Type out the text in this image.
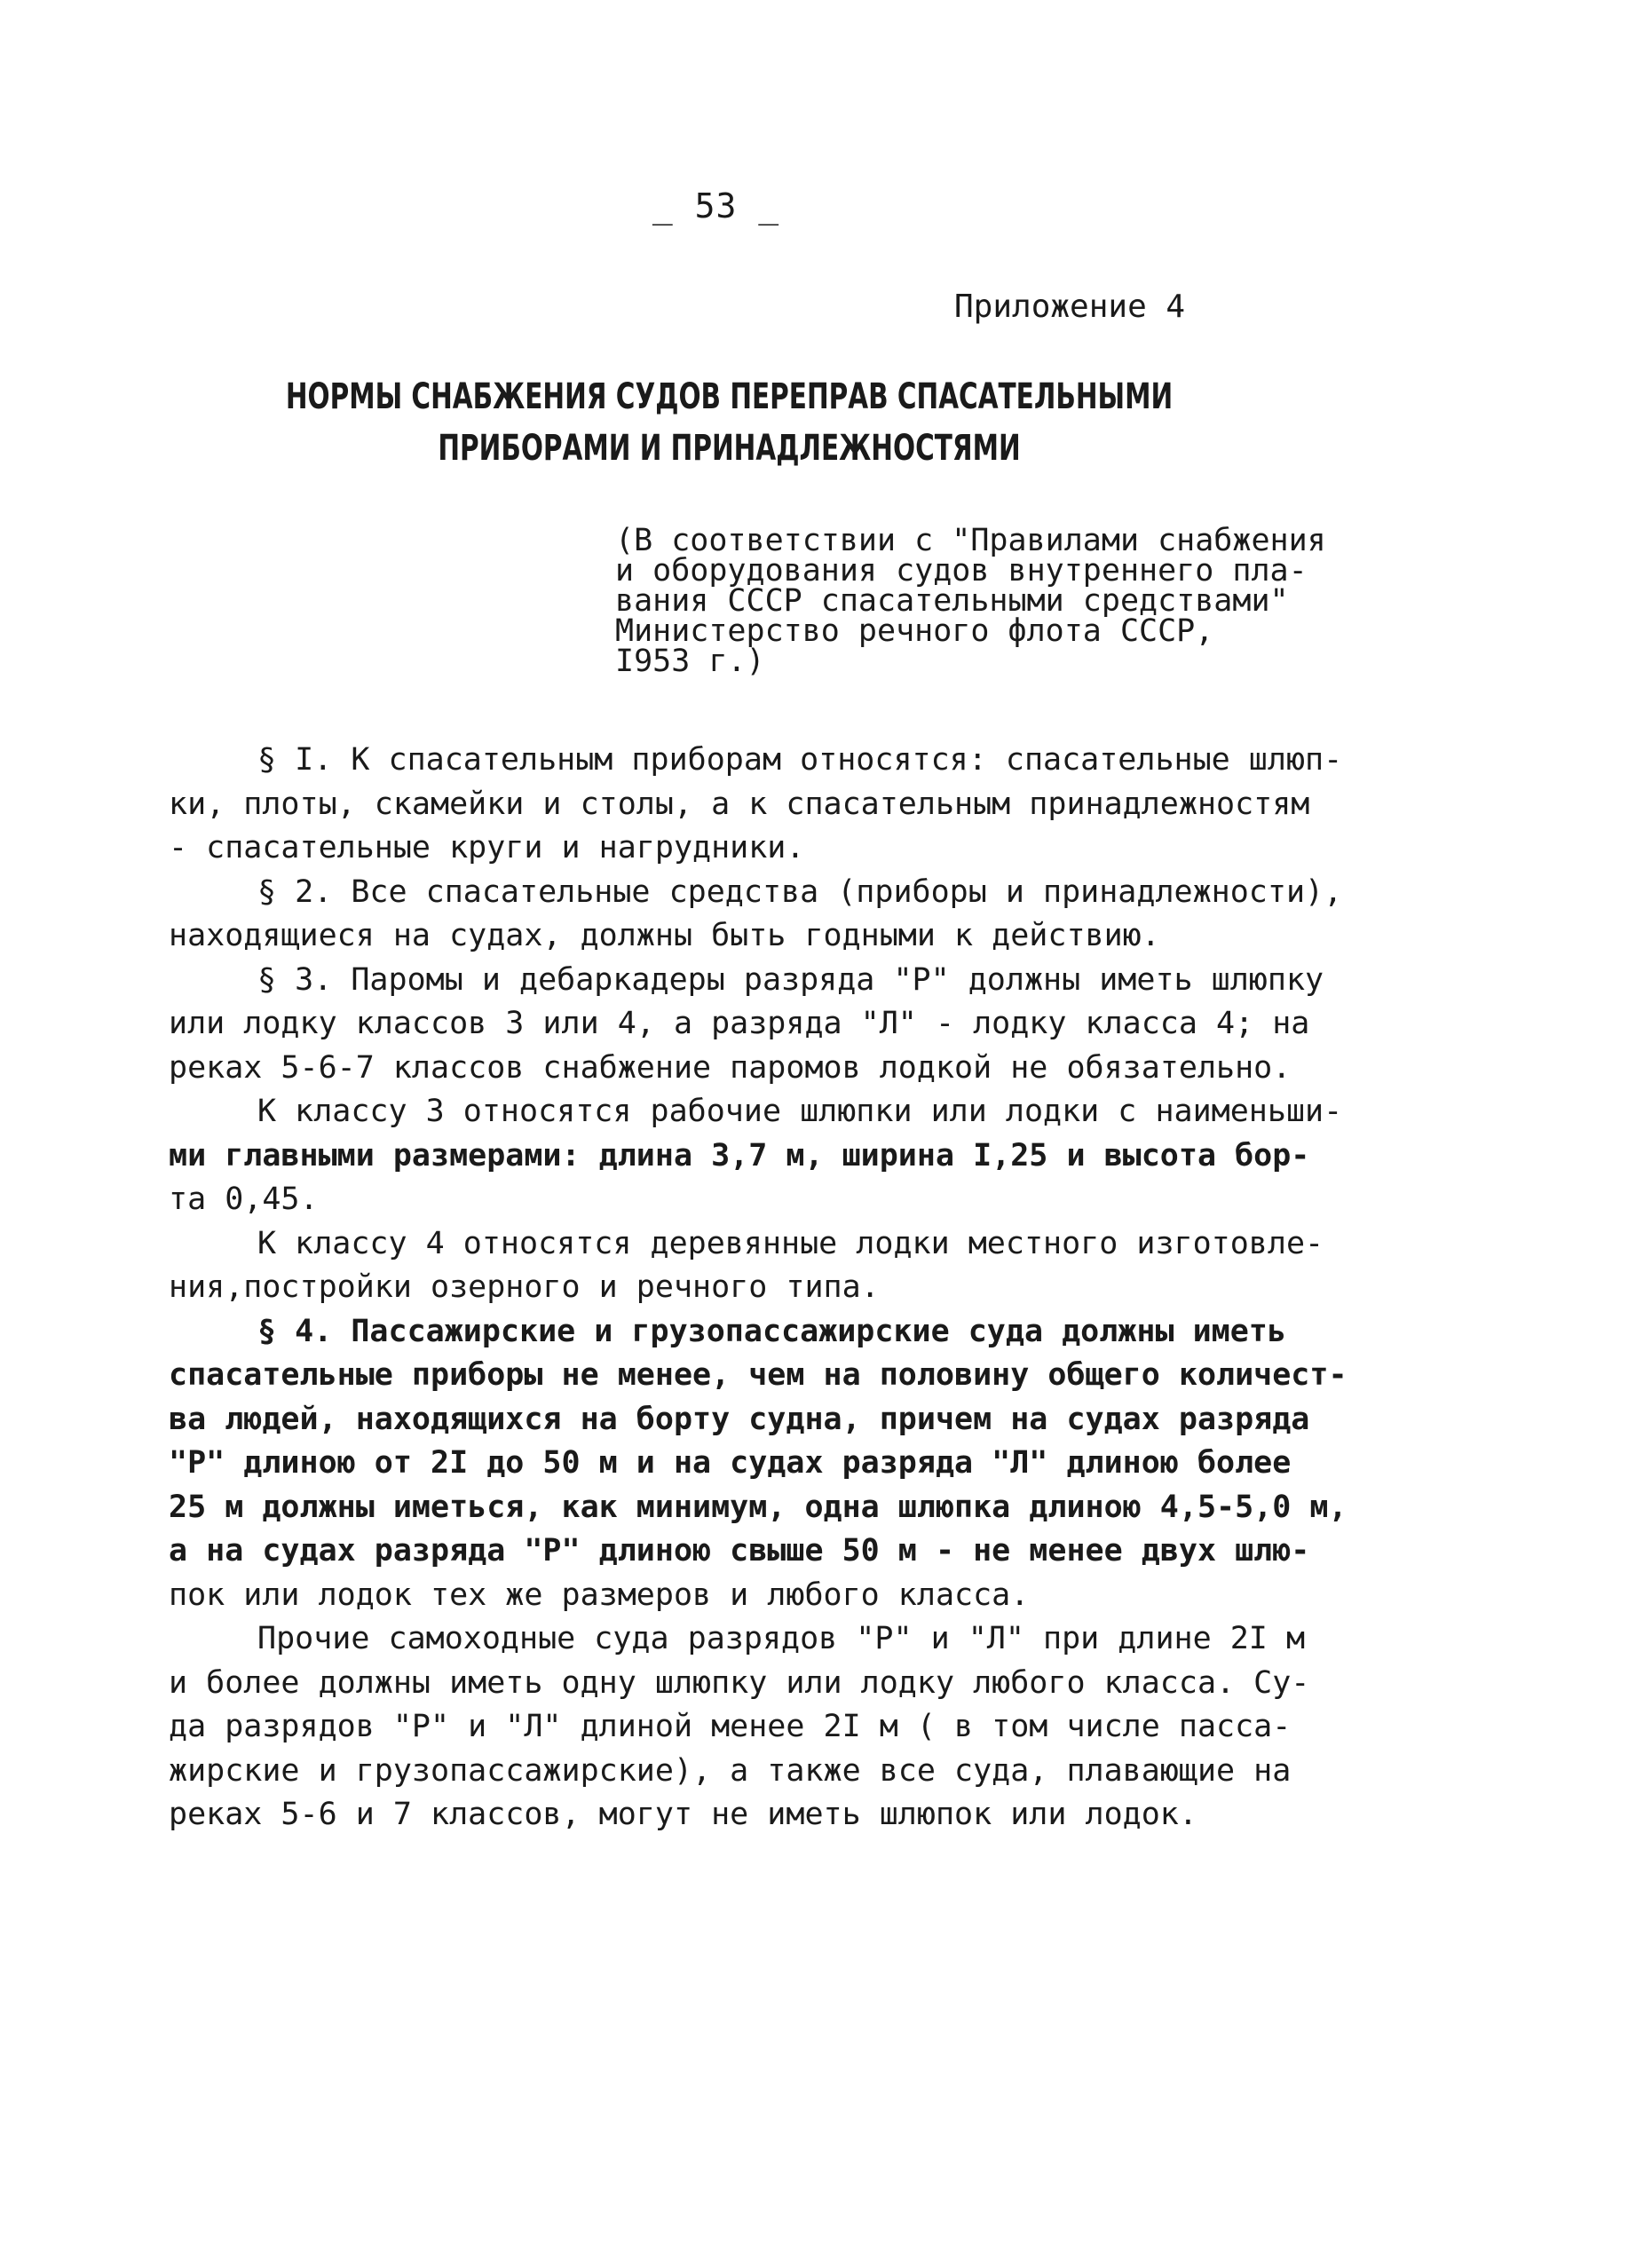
_ 53 _
Приложение 4
НОРМЫ СНАБЖЕНИЯ СУДОВ ПЕРЕПРАВ СПАСАТЕЛЬНЫМИ
ПРИБОРАМИ И ПРИНАДЛЕЖНОСТЯМИ
(В соответствии с "Правилами снабжения
и оборудования судов внутреннего пла-
вания СССР спасательными средствами"
Министерство речного флота СССР,
I953 г.)
§ I. К спасательным приборам относятся: спасательные шлюп-
ки, плоты, скамейки и столы, а к спасательным принадлежностям
- спасательные круги и нагрудники.
§ 2. Все спасательные средства (приборы и принадлежности),
находящиеся на судах, должны быть годными к действию.
§ 3. Паромы и дебаркадеры разряда "Р" должны иметь шлюпку
или лодку классов 3 или 4, а разряда "Л" - лодку класса 4; на
реках 5-6-7 классов снабжение паромов лодкой не обязательно.
К классу 3 относятся рабочие шлюпки или лодки с наименьши-
ми главными размерами: длина 3,7 м, ширина I,25 и высота бор-
та 0,45.
К классу 4 относятся деревянные лодки местного изготовле-
ния,постройки озерного и речного типа.
§ 4. Пассажирские и грузопассажирские суда должны иметь
спасательные приборы не менее, чем на половину общего количест-
ва людей, находящихся на борту судна, причем на судах разряда
"Р" длиною от 2I до 50 м и на судах разряда "Л" длиною более
25 м должны иметься, как минимум, одна шлюпка длиною 4,5-5,0 м,
а на судах разряда "Р" длиною свыше 50 м - не менее двух шлю-
пок или лодок тех же размеров и любого класса.
Прочие самоходные суда разрядов "Р" и "Л" при длине 2I м
и более должны иметь одну шлюпку или лодку любого класса. Су-
да разрядов "Р" и "Л" длиной менее 2I м ( в том числе пасса-
жирские и грузопассажирские), а также все суда, плавающие на
реках 5-6 и 7 классов, могут не иметь шлюпок или лодок.
